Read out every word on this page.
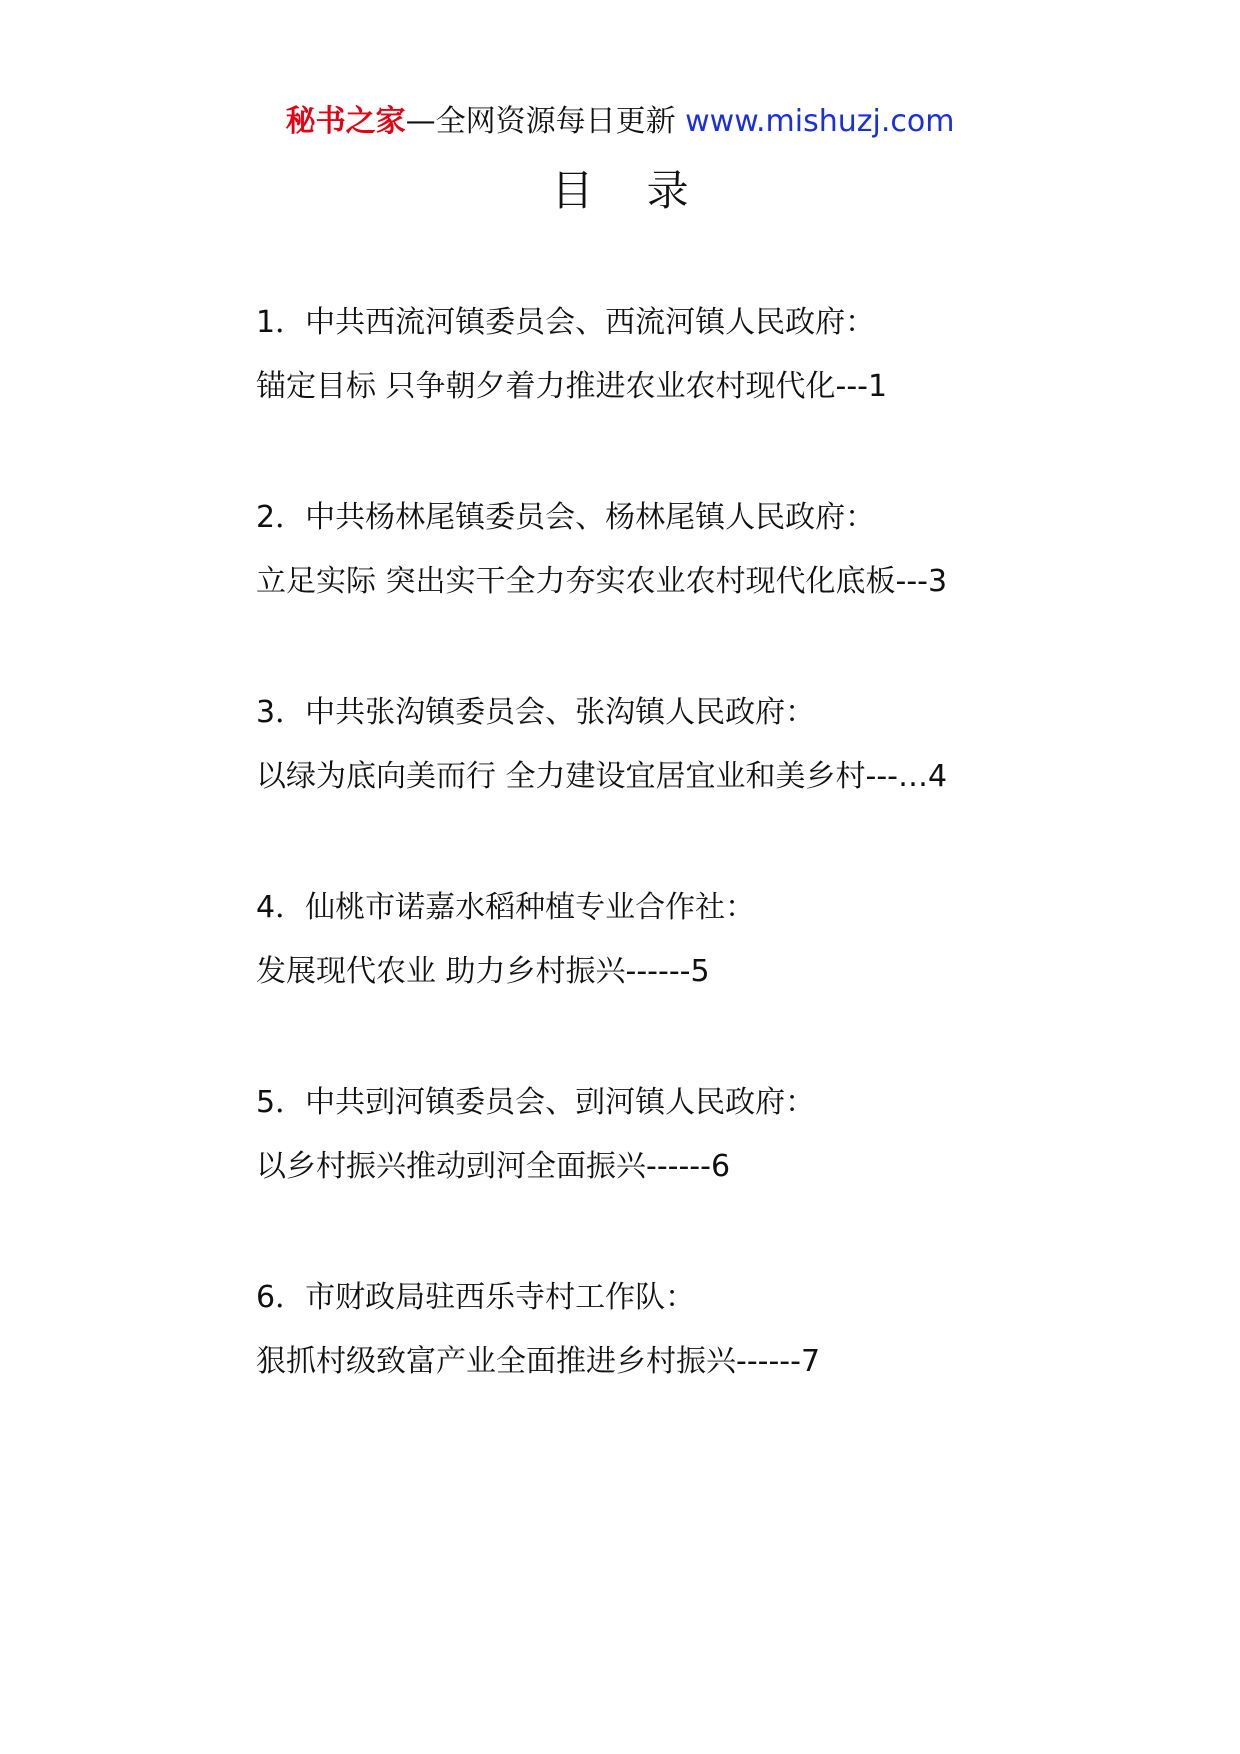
秘书之家—全网资源每日更新 www.mishuzj.com
目 录
1．中共西流河镇委员会、西流河镇人民政府：
锚定目标 只争朝夕着力推进农业农村现代化---1
2．中共杨林尾镇委员会、杨林尾镇人民政府：
立足实际 突出实干全力夯实农业农村现代化底板---3
3．中共张沟镇委员会、张沟镇人民政府：
以绿为底向美而行 全力建设宜居宜业和美乡村---…4
4．仙桃市诺嘉水稻种植专业合作社：
发展现代农业 助力乡村振兴------5
5．中共剅河镇委员会、剅河镇人民政府：
以乡村振兴推动剅河全面振兴------6
6．市财政局驻西乐寺村工作队：
狠抓村级致富产业全面推进乡村振兴------7
